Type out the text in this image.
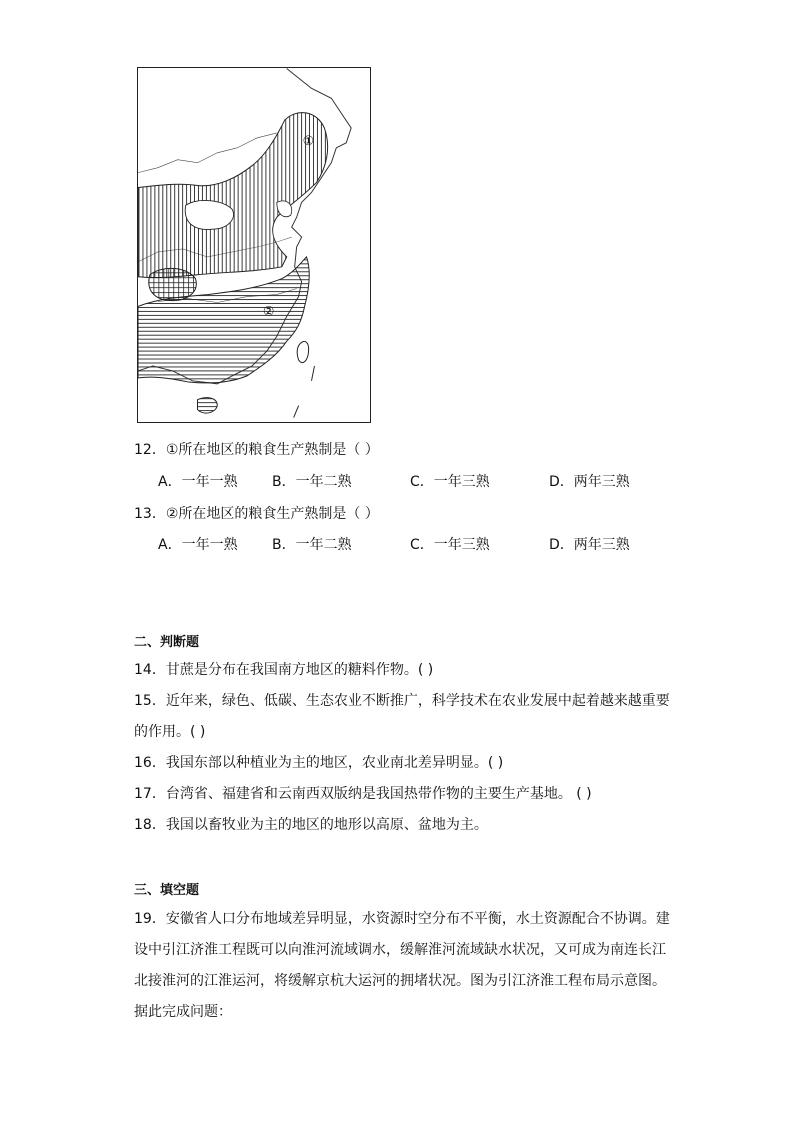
①
②
12．①所在地区的粮食生产熟制是（ ）
A．一年一熟 B．一年二熟	C．一年三熟	D．两年三熟
13．②所在地区的粮食生产熟制是（ ）
A．一年一熟 B．一年二熟	C．一年三熟	D．两年三熟
二、判断题
14．甘蔗是分布在我国南方地区的糖料作物。( )
15．近年来，绿色、低碳、生态农业不断推广，科学技术在农业发展中起着越来越重要
的作用。( )
16．我国东部以种植业为主的地区，农业南北差异明显。( )
17．台湾省、福建省和云南西双版纳是我国热带作物的主要生产基地。 ( )
18．我国以畜牧业为主的地区的地形以高原、盆地为主。
三、填空题
19．安徽省人口分布地域差异明显，水资源时空分布不平衡，水土资源配合不协调。建
设中引江济淮工程既可以向淮河流域调水，缓解淮河流域缺水状况，又可成为南连长江
北接淮河的江淮运河，将缓解京杭大运河的拥堵状况。图为引江济淮工程布局示意图。
据此完成问题：
